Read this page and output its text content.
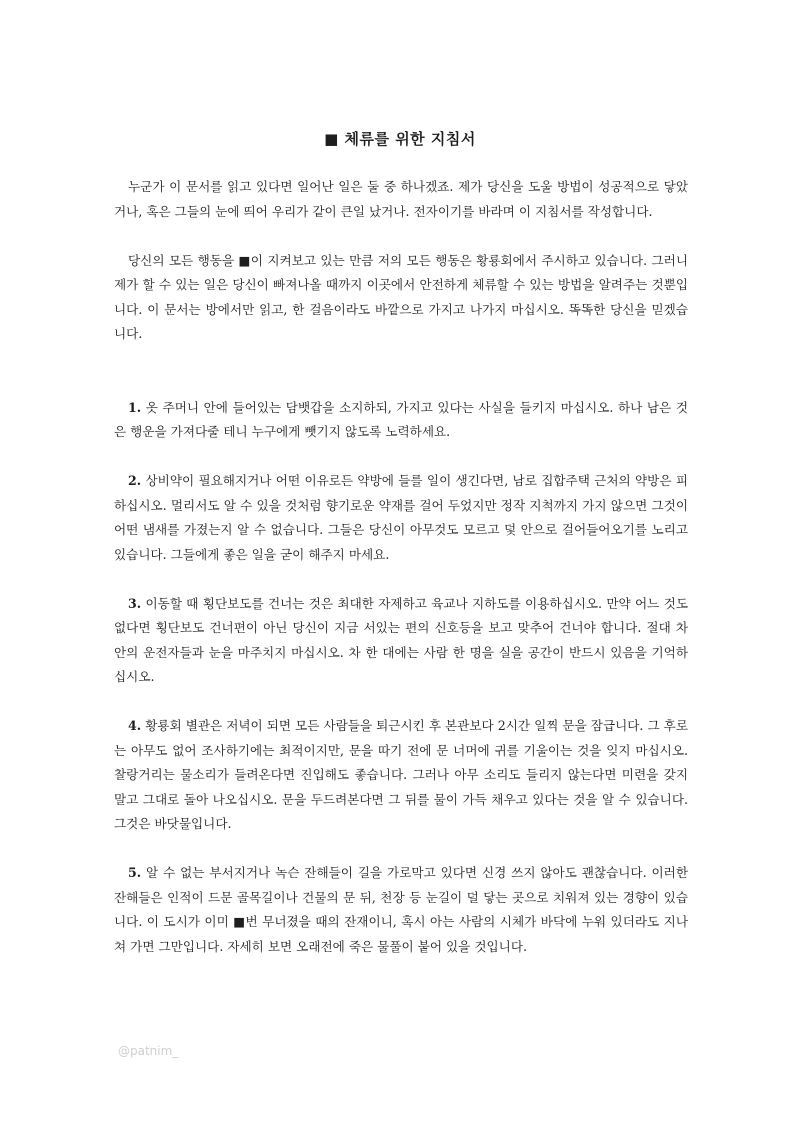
■ 체류를 위한 지침서

누군가 이 문서를 읽고 있다면 일어난 일은 둘 중 하나겠죠. 제가 당신을 도울 방법이 성공적으로 닿았거나, 혹은 그들의 눈에 띄어 우리가 같이 큰일 났거나. 전자이기를 바라며 이 지침서를 작성합니다.

당신의 모든 행동을 ■이 지켜보고 있는 만큼 저의 모든 행동은 황룡회에서 주시하고 있습니다. 그러니 제가 할 수 있는 일은 당신이 빠져나올 때까지 이곳에서 안전하게 체류할 수 있는 방법을 알려주는 것뿐입니다. 이 문서는 방에서만 읽고, 한 걸음이라도 바깥으로 가지고 나가지 마십시오. 똑똑한 당신을 믿겠습니다.

1. 옷 주머니 안에 들어있는 담뱃갑을 소지하되, 가지고 있다는 사실을 들키지 마십시오. 하나 남은 것은 행운을 가져다줄 테니 누구에게 뺏기지 않도록 노력하세요.

2. 상비약이 필요해지거나 어떤 이유로든 약방에 들를 일이 생긴다면, 남로 집합주택 근처의 약방은 피하십시오. 멀리서도 알 수 있을 것처럼 향기로운 약재를 걸어 두었지만 정작 지척까지 가지 않으면 그것이 어떤 냄새를 가졌는지 알 수 없습니다. 그들은 당신이 아무것도 모르고 덫 안으로 걸어들어오기를 노리고 있습니다. 그들에게 좋은 일을 굳이 해주지 마세요.

3. 이동할 때 횡단보도를 건너는 것은 최대한 자제하고 육교나 지하도를 이용하십시오. 만약 어느 것도 없다면 횡단보도 건너편이 아닌 당신이 지금 서있는 편의 신호등을 보고 맞추어 건너야 합니다. 절대 차 안의 운전자들과 눈을 마주치지 마십시오. 차 한 대에는 사람 한 명을 실을 공간이 반드시 있음을 기억하십시오.

4. 황룡회 별관은 저녁이 되면 모든 사람들을 퇴근시킨 후 본관보다 2시간 일찍 문을 잠급니다. 그 후로는 아무도 없어 조사하기에는 최적이지만, 문을 따기 전에 문 너머에 귀를 기울이는 것을 잊지 마십시오. 찰랑거리는 물소리가 들려온다면 진입해도 좋습니다. 그러나 아무 소리도 들리지 않는다면 미련을 갖지 말고 그대로 돌아 나오십시오. 문을 두드려본다면 그 뒤를 물이 가득 채우고 있다는 것을 알 수 있습니다. 그것은 바닷물입니다.

5. 알 수 없는 부서지거나 녹슨 잔해들이 길을 가로막고 있다면 신경 쓰지 않아도 괜찮습니다. 이러한 잔해들은 인적이 드문 골목길이나 건물의 문 뒤, 천장 등 눈길이 덜 닿는 곳으로 치워져 있는 경향이 있습니다. 이 도시가 이미 ■번 무너졌을 때의 잔재이니, 혹시 아는 사람의 시체가 바닥에 누워 있더라도 지나쳐 가면 그만입니다. 자세히 보면 오래전에 죽은 물풀이 붙어 있을 것입니다.

@patnim_
